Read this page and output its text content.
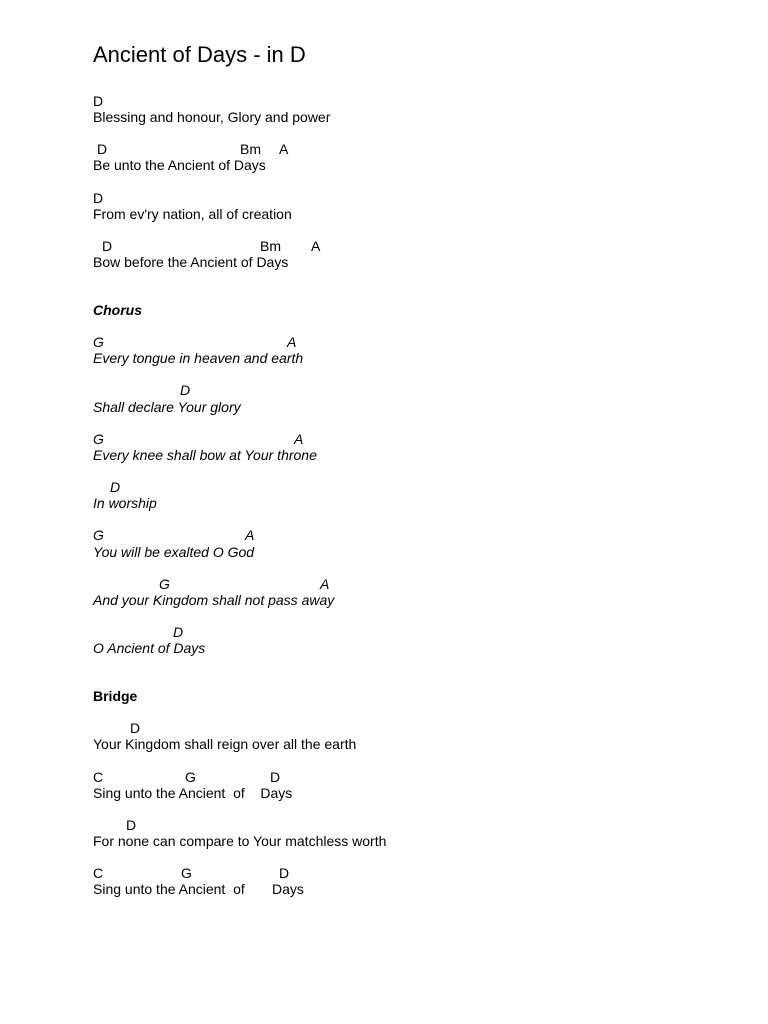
Ancient of Days - in D
D
Blessing and honour, Glory and power
D	Bm A
Be unto the Ancient of Days
D
From ev'ry nation, all of creation
D	Bm A
Bow before the Ancient of Days
Chorus
G	A
Every tongue in heaven and earth
D
Shall declare Your glory
G	A
Every knee shall bow at Your throne
D
In worship
G	A
You will be exalted O God
G	A
And your Kingdom shall not pass away
D
O Ancient of Days
Bridge
D
Your Kingdom shall reign over all the earth
C	G	D
Sing unto the Ancient  of    Days
D
For none can compare to Your matchless worth
C	G	D
Sing unto the Ancient  of       Days
